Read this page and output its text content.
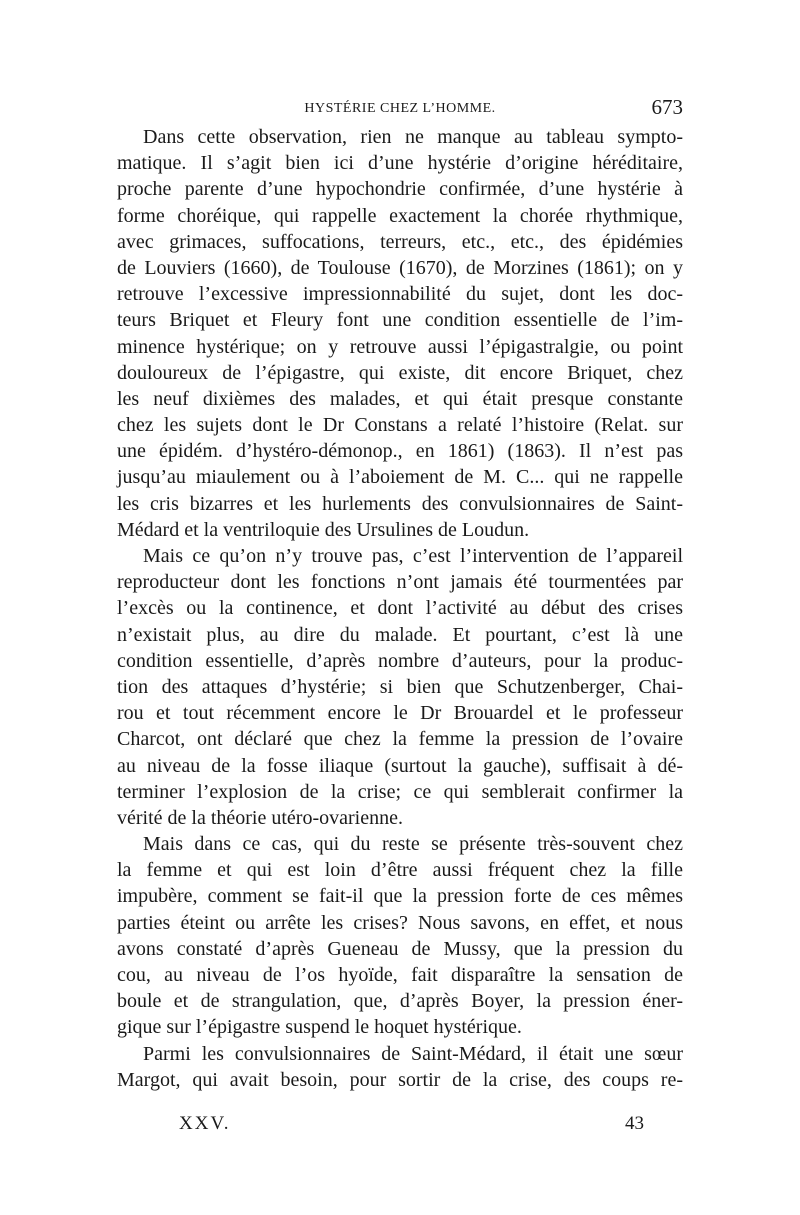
HYSTÉRIE CHEZ L’HOMME.	673
Dans cette observation, rien ne manque au tableau sympto-
matique. Il s’agit bien ici d’une hystérie d’origine héréditaire,
proche parente d’une hypochondrie confirmée, d’une hystérie à
forme choréique, qui rappelle exactement la chorée rhythmique,
avec grimaces, suffocations, terreurs, etc., etc., des épidémies
de Louviers (1660), de Toulouse (1670), de Morzines (1861); on y
retrouve l’excessive impressionnabilité du sujet, dont les doc-
teurs Briquet et Fleury font une condition essentielle de l’im-
minence hystérique; on y retrouve aussi l’épigastralgie, ou point
douloureux de l’épigastre, qui existe, dit encore Briquet, chez
les neuf dixièmes des malades, et qui était presque constante
chez les sujets dont le Dr Constans a relaté l’histoire (Relat. sur
une épidém. d’hystéro-démonop., en 1861) (1863). Il n’est pas
jusqu’au miaulement ou à l’aboiement de M. C... qui ne rappelle
les cris bizarres et les hurlements des convulsionnaires de Saint-
Médard et la ventriloquie des Ursulines de Loudun.
Mais ce qu’on n’y trouve pas, c’est l’intervention de l’appareil
reproducteur dont les fonctions n’ont jamais été tourmentées par
l’excès ou la continence, et dont l’activité au début des crises
n’existait plus, au dire du malade. Et pourtant, c’est là une
condition essentielle, d’après nombre d’auteurs, pour la produc-
tion des attaques d’hystérie; si bien que Schutzenberger, Chai-
rou et tout récemment encore le Dr Brouardel et le professeur
Charcot, ont déclaré que chez la femme la pression de l’ovaire
au niveau de la fosse iliaque (surtout la gauche), suffisait à dé-
terminer l’explosion de la crise; ce qui semblerait confirmer la
vérité de la théorie utéro-ovarienne.
Mais dans ce cas, qui du reste se présente très-souvent chez
la femme et qui est loin d’être aussi fréquent chez la fille
impubère, comment se fait-il que la pression forte de ces mêmes
parties éteint ou arrête les crises? Nous savons, en effet, et nous
avons constaté d’après Gueneau de Mussy, que la pression du
cou, au niveau de l’os hyoïde, fait disparaître la sensation de
boule et de strangulation, que, d’après Boyer, la pression éner-
gique sur l’épigastre suspend le hoquet hystérique.
Parmi les convulsionnaires de Saint-Médard, il était une sœur
Margot, qui avait besoin, pour sortir de la crise, des coups re-
XXV.	43
